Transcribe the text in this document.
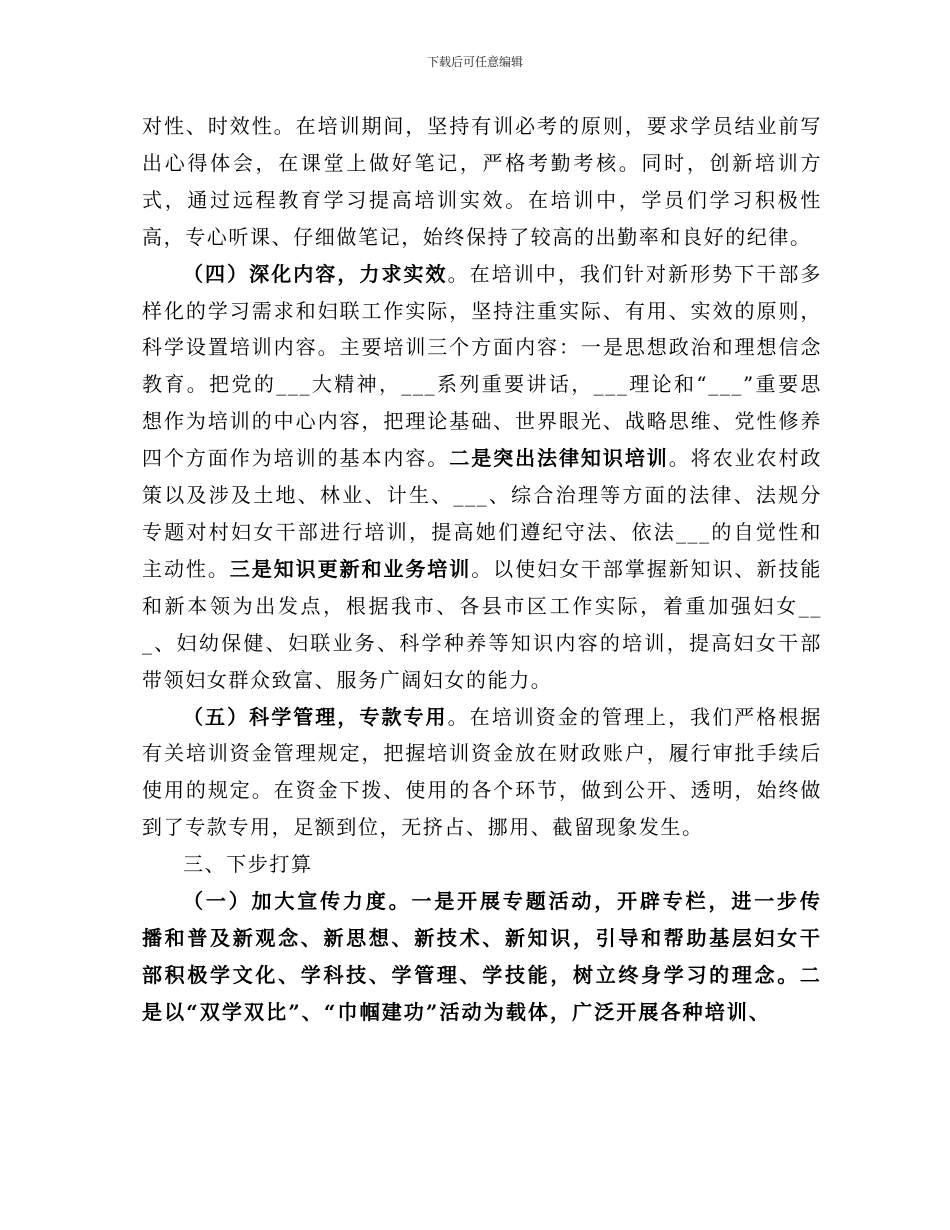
下载后可任意编辑

对性、时效性。在培训期间，坚持有训必考的原则，要求学员结业前写出心得体会，在课堂上做好笔记，严格考勤考核。同时，创新培训方式，通过远程教育学习提高培训实效。在培训中，学员们学习积极性高，专心听课、仔细做笔记，始终保持了较高的出勤率和良好的纪律。

（四）深化内容，力求实效。在培训中，我们针对新形势下干部多样化的学习需求和妇联工作实际，坚持注重实际、有用、实效的原则，科学设置培训内容。主要培训三个方面内容：一是思想政治和理想信念教育。把党的___大精神，___系列重要讲话，___理论和“___”重要思想作为培训的中心内容，把理论基础、世界眼光、战略思维、党性修养四个方面作为培训的基本内容。二是突出法律知识培训。将农业农村政策以及涉及土地、林业、计生、___、综合治理等方面的法律、法规分专题对村妇女干部进行培训，提高她们遵纪守法、依法___的自觉性和主动性。三是知识更新和业务培训。以使妇女干部掌握新知识、新技能和新本领为出发点，根据我市、各县市区工作实际，着重加强妇女___、妇幼保健、妇联业务、科学种养等知识内容的培训，提高妇女干部带领妇女群众致富、服务广阔妇女的能力。

（五）科学管理，专款专用。在培训资金的管理上，我们严格根据有关培训资金管理规定，把握培训资金放在财政账户，履行审批手续后使用的规定。在资金下拨、使用的各个环节，做到公开、透明，始终做到了专款专用，足额到位，无挤占、挪用、截留现象发生。

三、下步打算

（一）加大宣传力度。一是开展专题活动，开辟专栏，进一步传播和普及新观念、新思想、新技术、新知识，引导和帮助基层妇女干部积极学文化、学科技、学管理、学技能，树立终身学习的理念。二是以“双学双比”、“巾帼建功”活动为载体，广泛开展各种培训、
